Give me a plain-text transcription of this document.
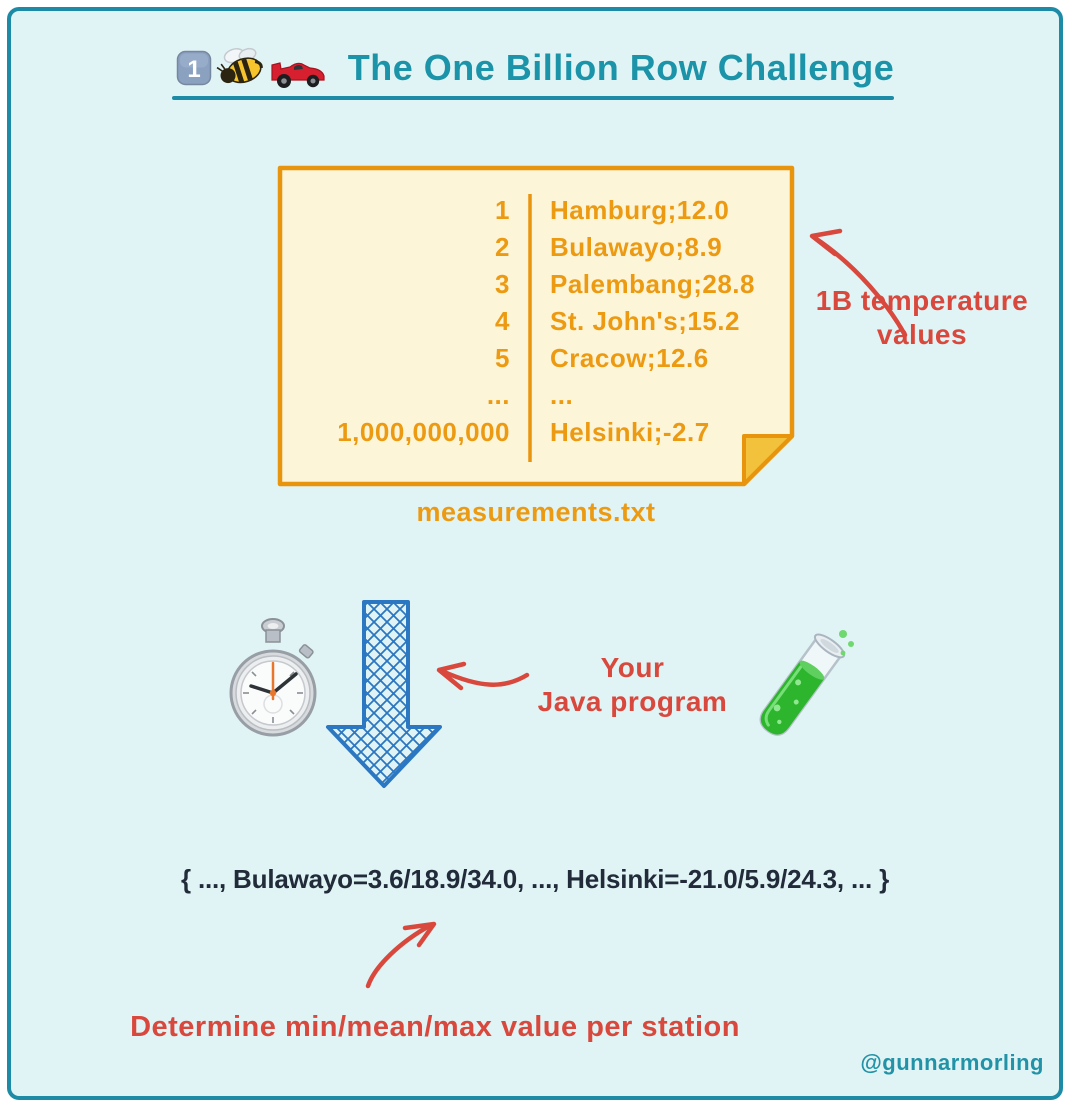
1	The One Billion Row Challenge
1 Hamburg;12.0
2 Bulawayo;8.9
3 Palembang;28.8
4 St. John's;15.2
5 Cracow;12.6
... ...
1,000,000,000 Helsinki;-2.7
measurements.txt
1B temperature
values
Your
Java program
{ ..., Bulawayo=3.6/18.9/34.0, ..., Helsinki=-21.0/5.9/24.3, ... }
Determine min/mean/max value per station
@gunnarmorling
